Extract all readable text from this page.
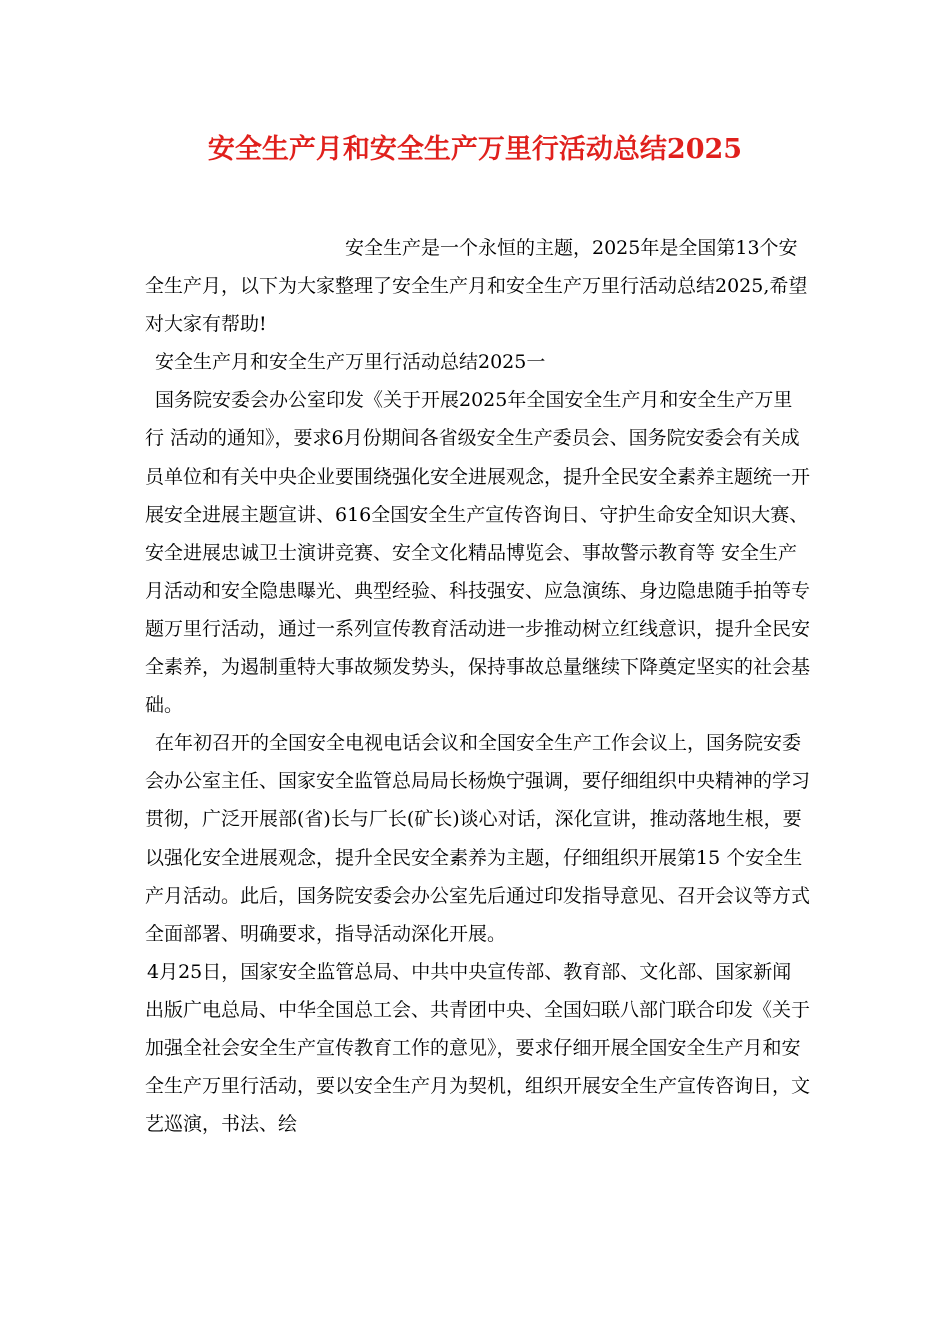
安全生产月和安全生产万里行活动总结2025

安全生产是一个永恒的主题，2025年是全国第13个安全生产月，以下为大家整理了安全生产月和安全生产万里行活动总结2025,希望对大家有帮助!

安全生产月和安全生产万里行活动总结2025一

国务院安委会办公室印发《关于开展2025年全国安全生产月和安全生产万里行 活动的通知》，要求6月份期间各省级安全生产委员会、国务院安委会有关成员单位和有关中央企业要围绕强化安全进展观念，提升全民安全素养主题统一开展安全进展主题宣讲、616全国安全生产宣传咨询日、守护生命安全知识大赛、安全进展忠诚卫士演讲竞赛、安全文化精品博览会、事故警示教育等 安全生产月活动和安全隐患曝光、典型经验、科技强安、应急演练、身边隐患随手拍等专题万里行活动，通过一系列宣传教育活动进一步推动树立红线意识，提升全民安全素养，为遏制重特大事故频发势头，保持事故总量继续下降奠定坚实的社会基础。

在年初召开的全国安全电视电话会议和全国安全生产工作会议上，国务院安委会办公室主任、国家安全监管总局局长杨焕宁强调，要仔细组织中央精神的学习贯彻，广泛开展部(省)长与厂长(矿长)谈心对话，深化宣讲，推动落地生根，要以强化安全进展观念，提升全民安全素养为主题，仔细组织开展第15 个安全生产月活动。此后，国务院安委会办公室先后通过印发指导意见、召开会议等方式全面部署、明确要求，指导活动深化开展。

4月25日，国家安全监管总局、中共中央宣传部、教育部、文化部、国家新闻出版广电总局、中华全国总工会、共青团中央、全国妇联八部门联合印发《关于加强全社会安全生产宣传教育工作的意见》，要求仔细开展全国安全生产月和安全生产万里行活动，要以安全生产月为契机，组织开展安全生产宣传咨询日，文艺巡演，书法、绘
